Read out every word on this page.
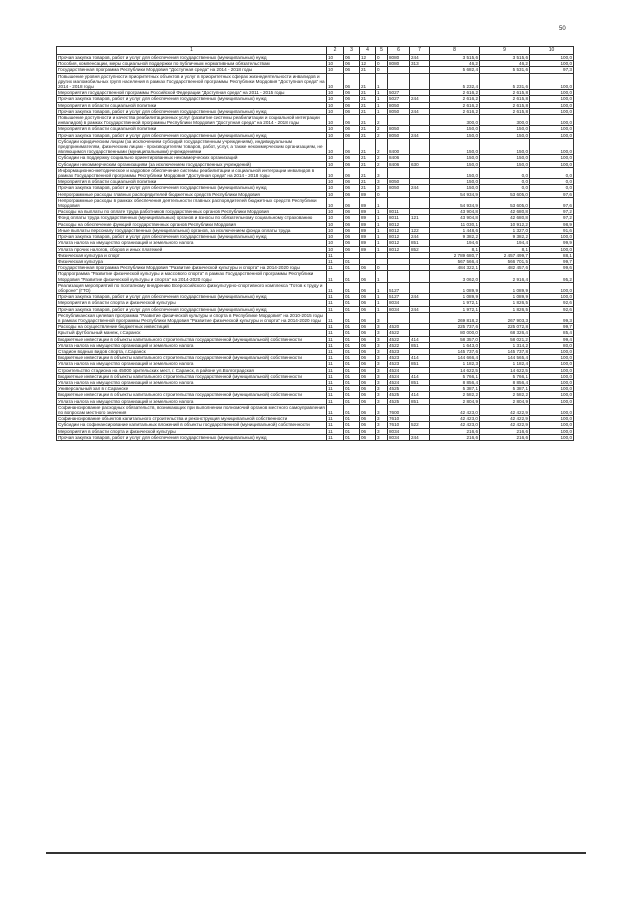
50
1	2	3	4	5	6	7	8	9	10
Прочая закупка товаров, работ и услуг для обеспечения государственных (муниципальных) нужд	10	06	12	0	8080	244	3 515,6	3 515,6	100,0
Пособия, компенсации, меры социальной поддержки по публичным нормативным обязательствам	10	06	12	0	8080	313	46,2	46,2	100,0
Государственная программа Республики Мордовия "Доступная среда" на 2014 - 2018 годы	10	06	21	0			5 682,4	5 531,6	97,3
Повышение уровня доступности приоритетных объектов и услуг в приоритетных сферах жизнедеятельности инвалидов и других маломобильных групп населения в рамках Государственной программы Республики Мордовия "Доступная среда" на 2014 - 2018 годы	10	06	21	1			5 232,4	5 231,6	100,0
Мероприятия государственной программы Российской Федерации "Доступная среда" на 2011 - 2015 годы	10	06	21	1	5027		2 616,2	2 615,8	100,0
Прочая закупка товаров, работ и услуг для обеспечения государственных (муниципальных) нужд	10	06	21	1	5027	244	2 616,2	2 615,8	100,0
Мероприятия в области социальной политики	10	06	21	1	8050		2 616,2	2 615,8	100,0
Прочая закупка товаров, работ и услуг для обеспечения государственных (муниципальных) нужд	10	06	21	1	8050	244	2 616,2	2 615,8	100,0
Повышение доступности и качества реабилитационных услуг (развитие системы реабилитации и социальной интеграции инвалидов) в рамках Государственной программы Республики Мордовия "Доступная среда" на 2014 - 2018 годы	10	06	21	2			300,0	300,0	100,0
Мероприятия в области социальной политики	10	06	21	2	8050		150,0	150,0	100,0
Прочая закупка товаров, работ и услуг для обеспечения государственных (муниципальных) нужд	10	06	21	2	8050	244	150,0	150,0	100,0
Субсидии юридическим лицам (за исключением субсидий государственным учреждениям), индивидуальным предпринимателям, физическим лицам - производителям товаров, работ, услуг, а также некоммерческим организациям, не являющимся государственными (муниципальными) учреждениями	10	06	21	2	8400		150,0	150,0	100,0
Субсидии на поддержку социально ориентированных некоммерческих организаций	10	06	21	2	8406		150,0	150,0	100,0
Субсидии некоммерческим организациям (за исключением государственных учреждений)	10	06	21	2	8406	630	150,0	150,0	100,0
Информационно-методическое и кадровое обеспечение системы реабилитации и социальной интеграции инвалидов в рамках Государственной программы Республики Мордовия "Доступная среда" на 2014 - 2018 годы	10	06	21	3			150,0	0,0	0,0
Мероприятия в области социальной политики	10	06	21	3	8050		150,0	0,0	0,0
Прочая закупка товаров, работ и услуг для обеспечения государственных (муниципальных) нужд	10	06	21	3	8050	244	150,0	0,0	0,0
Непрограммные расходы главных распорядителей бюджетных средств Республики Мордовия	10	06	89	0			54 934,9	53 605,0	97,6
Непрограммные расходы в рамках обеспечения деятельности главных распорядителей бюджетных средств Республики Мордовия	10	06	89	1			54 934,9	53 605,0	97,6
Расходы на выплаты по оплате труда работников государственных органов Республики Мордовия	10	06	89	1	8011		43 904,8	42 680,8	97,2
Фонд оплаты труда государственных (муниципальных) органов и взносы по обязательному социальному страхованию	10	06	89	1	8011	121	43 904,8	42 680,8	97,2
Расходы на обеспечение функций государственных органов Республики Мордовия	10	06	89	1	8012		11 030,1	10 912,2	98,9
Иные выплаты персоналу государственных (муниципальных) органов, за исключением фонда оплаты труда	10	06	89	1	8012	122	1 448,6	1 327,0	91,6
Прочая закупка товаров, работ и услуг для обеспечения государственных (муниципальных) нужд	10	06	89	1	8012	244	9 382,2	9 382,2	100,0
Уплата налога на имущество организаций и земельного налога	10	06	89	1	8012	851	194,6	194,4	99,9
Уплата прочих налогов, сборов и иных платежей	10	06	89	1	8012	852	8,1	8,1	100,0
Физическая культура и спорт	11						2 789 680,7	2 457 499,7	88,1
Физическая культура	11	01					567 566,4	566 701,5	99,7
Государственная программа Республики Мордовия "Развитие физической культуры и спорта" на 2014-2020 годы	11	01	06	0			484 322,1	482 457,6	99,6
Подпрограмма "Развитие физической культуры и массового спорта" в рамках Государственной программы Республики Мордовия "Развитие физической культуры и спорта" на 2014-2020 годы	11	01	06	1			3 062,0	2 916,4	95,2
Реализация мероприятий по поэтапному внедрению Всероссийского физкультурно-спортивного комплекса "Готов к труду и обороне" (ГТО)	11	01	06	1	5127		1 089,9	1 089,9	100,0
Прочая закупка товаров, работ и услуг для обеспечения государственных (муниципальных) нужд	11	01	06	1	5127	244	1 089,9	1 089,9	100,0
Мероприятия в области спорта и физической культуры	11	01	06	1	8034		1 972,1	1 826,5	92,6
Прочая закупка товаров, работ и услуг для обеспечения государственных (муниципальных) нужд	11	01	06	1	8034	244	1 972,1	1 826,5	92,6
Республиканская целевая программа "Развитие физической культуры и спорта в Республике Мордовия" на 2010-2015 годы в рамках Государственной программы Республики Мордовия "Развитие физической культуры и спорта" на 2014-2020 годы	11	01	06	3			269 818,2	267 903,3	99,3
Расходы на осуществление бюджетных инвестиций	11	01	06	3	4520		225 737,6	225 072,8	99,7
Крытый футбольный манеж, г.Саранск	11	01	06	3	4522		80 000,0	68 326,4	85,4
Бюджетные инвестиции в объекты капитального строительства государственной (муниципальной) собственности	11	01	06	3	4522	414	58 357,0	58 021,2	99,4
Уплата налога на имущество организаций и земельного налога	11	01	06	3	4522	851	1 643,0	1 314,2	80,0
Стадион водных видов спорта, г.Саранск	11	01	06	3	4523		145 737,6	145 737,8	100,0
Бюджетные инвестиции в объекты капитального строительства государственной (муниципальной) собственности	11	01	06	3	4523	414	144 666,4	144 565,4	100,0
Уплата налога на имущество организаций и земельного налога	11	01	06	3	4523	851	1 182,3	1 182,4	100,0
Строительство стадиона на 45000 зрительских мест, г. Саранск, в районе ул.Волгоградская	11	01	06	3	4524		14 622,5	14 622,5	100,0
Бюджетные инвестиции в объекты капитального строительства государственной (муниципальной) собственности	11	01	06	3	4524	414	5 766,1	5 766,1	100,0
Уплата налога на имущество организаций и земельного налога	11	01	06	3	4524	851	8 856,4	8 856,4	100,0
Универсальный зал в г.Саранске	11	01	06	3	4525		5 387,1	5 387,1	100,0
Бюджетные инвестиции в объекты капитального строительства государственной (муниципальной) собственности	11	01	06	3	4525	414	2 582,2	2 582,2	100,0
Уплата налога на имущество организаций и земельного налога	11	01	06	3	4525	851	2 804,9	2 804,9	100,0
Софинансирование расходных обязательств, возникающих при выполнении полномочий органов местного самоуправления по вопросам местного значения	11	01	06	3	7600		42 423,0	42 422,9	100,0
Софинансирование объектов капитального строительства и реконструкция муниципальной собственности	11	01	06	3	7610		42 423,0	42 422,9	100,0
Субсидии на софинансирование капитальных вложений в объекты государственной (муниципальной) собственности	11	01	06	3	7610	522	42 423,0	42 422,9	100,0
Мероприятия в области спорта и физической культуры	11	01	06	3	8034		216,6	216,6	100,0
Прочая закупка товаров, работ и услуг для обеспечения государственных (муниципальных) нужд	11	01	06	3	8034	244	216,6	216,6	100,0
